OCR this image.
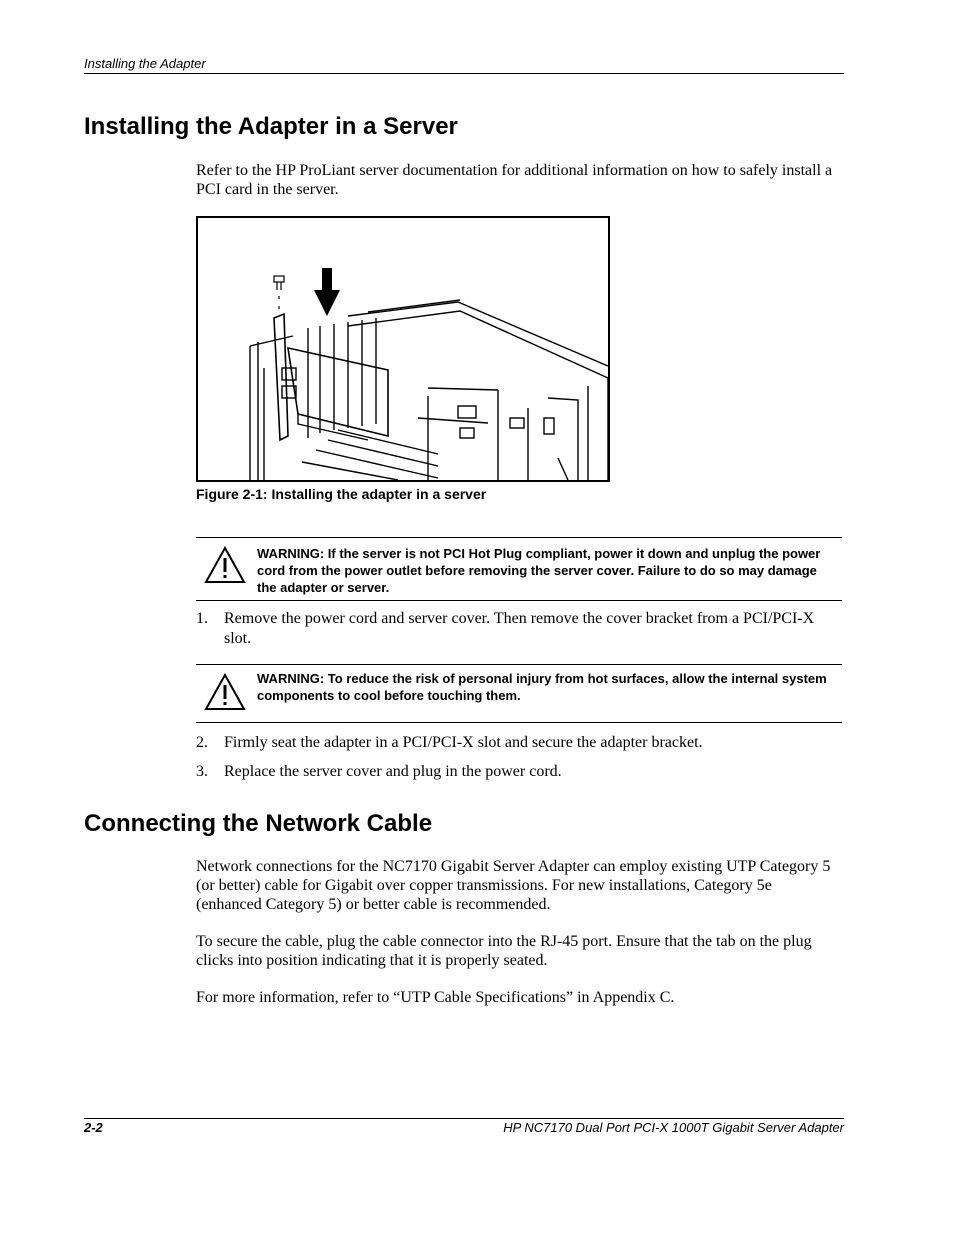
Installing the Adapter
Installing the Adapter in a Server

Refer to the HP ProLiant server documentation for additional information on how to safely install a PCI card in the server.

Figure 2-1: Installing the adapter in a server
WARNING: If the server is not PCI Hot Plug compliant, power it down and unplug the power cord from the power outlet before removing the server cover. Failure to do so may damage the adapter or server.
1. Remove the power cord and server cover. Then remove the cover bracket from a PCI/PCI-X slot.
WARNING: To reduce the risk of personal injury from hot surfaces, allow the internal system components to cool before touching them.
2. Firmly seat the adapter in a PCI/PCI-X slot and secure the adapter bracket.
3. Replace the server cover and plug in the power cord.
Connecting the Network Cable

Network connections for the NC7170 Gigabit Server Adapter can employ existing UTP Category 5 (or better) cable for Gigabit over copper transmissions. For new installations, Category 5e (enhanced Category 5) or better cable is recommended.

To secure the cable, plug the cable connector into the RJ-45 port. Ensure that the tab on the plug clicks into position indicating that it is properly seated.

For more information, refer to “UTP Cable Specifications” in Appendix C.

2-2	HP NC7170 Dual Port PCI-X 1000T Gigabit Server Adapter
